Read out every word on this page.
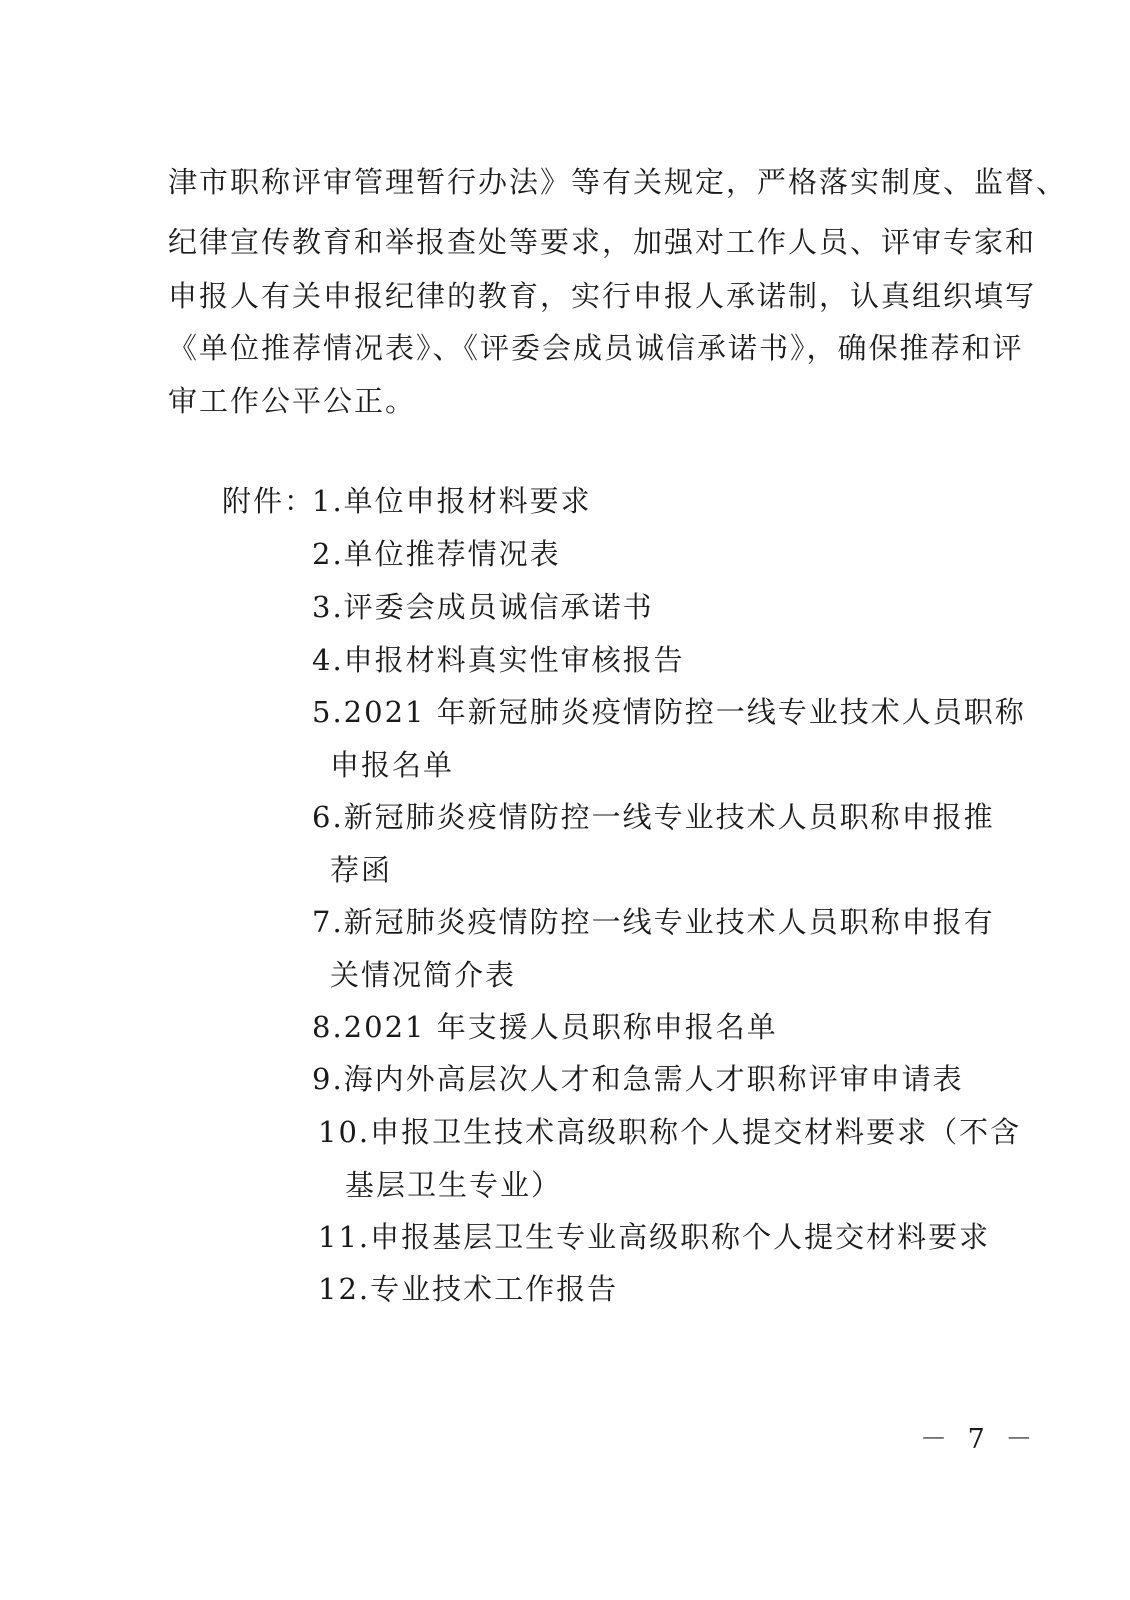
津市职称评审管理暂行办法》等有关规定，严格落实制度、监督、
纪律宣传教育和举报查处等要求，加强对工作人员、评审专家和
申报人有关申报纪律的教育，实行申报人承诺制，认真组织填写
《单位推荐情况表》、《评委会成员诚信承诺书》，确保推荐和评
审工作公平公正。
附件：
1.单位申报材料要求
2.单位推荐情况表
3.评委会成员诚信承诺书
4.申报材料真实性审核报告
5.2021 年新冠肺炎疫情防控一线专业技术人员职称
申报名单
6.新冠肺炎疫情防控一线专业技术人员职称申报推
荐函
7.新冠肺炎疫情防控一线专业技术人员职称申报有
关情况简介表
8.2021 年支援人员职称申报名单
9.海内外高层次人才和急需人才职称评审申请表
10.申报卫生技术高级职称个人提交材料要求（不含
基层卫生专业）
11.申报基层卫生专业高级职称个人提交材料要求
12.专业技术工作报告
－ 7 －
